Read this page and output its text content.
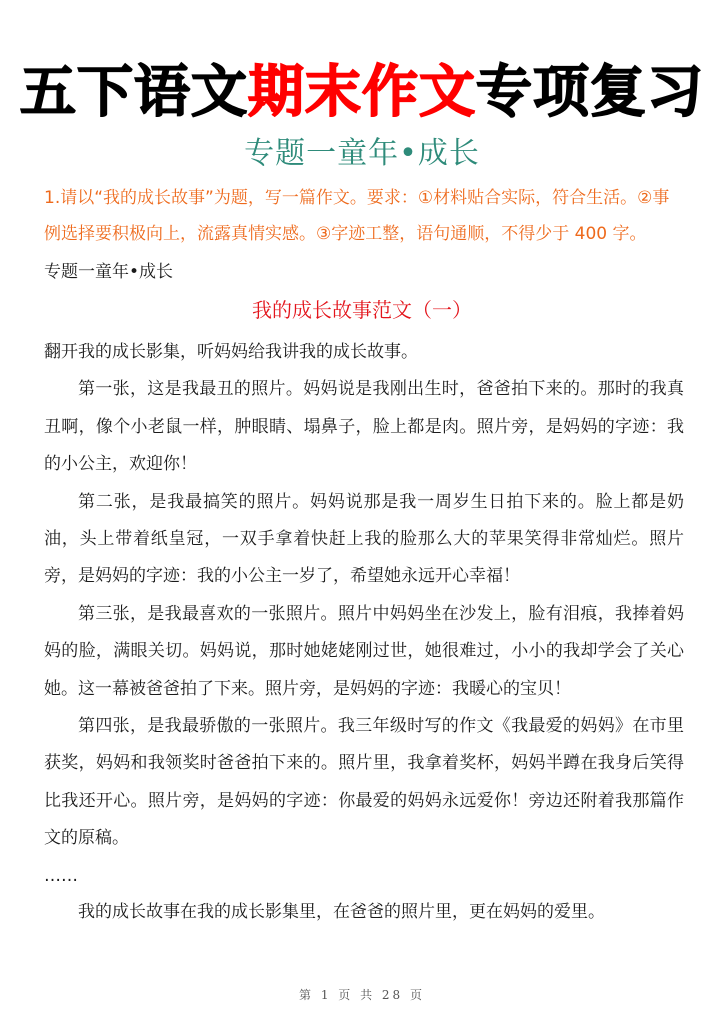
五下语文期末作文专项复习
专题一童年•成长
1.请以“我的成长故事”为题，写一篇作文。要求：①材料贴合实际，符合生活。②事例选择要积极向上，流露真情实感。③字迹工整，语句通顺，不得少于 400 字。
专题一童年•成长
我的成长故事范文（一）

翻开我的成长影集，听妈妈给我讲我的成长故事。

第一张，这是我最丑的照片。妈妈说是我刚出生时，爸爸拍下来的。那时的我真丑啊，像个小老鼠一样，肿眼睛、塌鼻子，脸上都是肉。照片旁，是妈妈的字迹：我的小公主，欢迎你！

第二张，是我最搞笑的照片。妈妈说那是我一周岁生日拍下来的。脸上都是奶油，头上带着纸皇冠，一双手拿着快赶上我的脸那么大的苹果笑得非常灿烂。照片旁，是妈妈的字迹：我的小公主一岁了，希望她永远开心幸福！

第三张，是我最喜欢的一张照片。照片中妈妈坐在沙发上，脸有泪痕，我捧着妈妈的脸，满眼关切。妈妈说，那时她姥姥刚过世，她很难过，小小的我却学会了关心她。这一幕被爸爸拍了下来。照片旁，是妈妈的字迹：我暖心的宝贝！

第四张，是我最骄傲的一张照片。我三年级时写的作文《我最爱的妈妈》在市里获奖，妈妈和我领奖时爸爸拍下来的。照片里，我拿着奖杯，妈妈半蹲在我身后笑得比我还开心。照片旁，是妈妈的字迹：你最爱的妈妈永远爱你！旁边还附着我那篇作文的原稿。

……

我的成长故事在我的成长影集里，在爸爸的照片里，更在妈妈的爱里。

第 1 页 共 28 页
